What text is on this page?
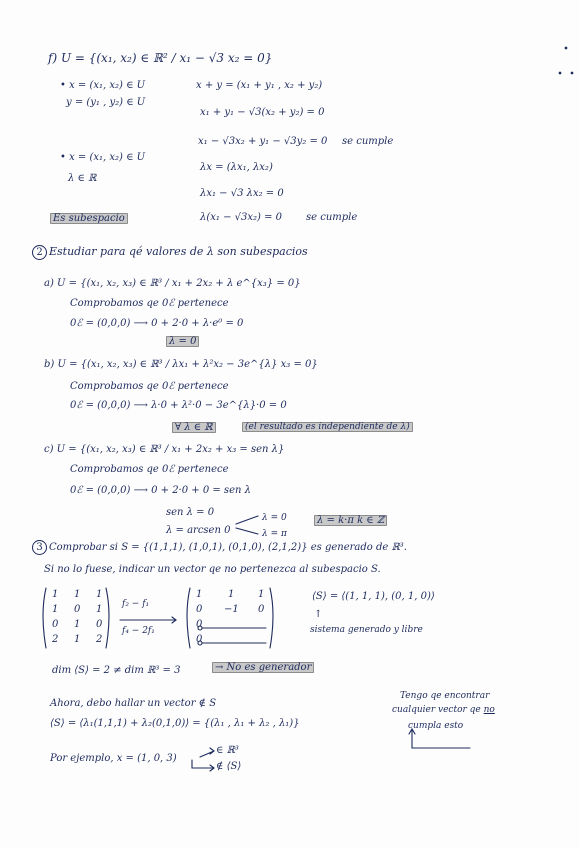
f) U = {(x₁, x₂) ∈ ℝ² / x₁ − √3 x₂ = 0}
• x = (x₁, x₂) ∈ U
y = (y₁ , y₂) ∈ U
x + y = (x₁ + y₁ , x₂ + y₂)
x₁ + y₁ − √3(x₂ + y₂) = 0
x₁ − √3x₂ + y₁ − √3y₂ = 0 se cumple
• x = (x₁, x₂) ∈ U
λ ∈ ℝ
λx = (λx₁, λx₂)
λx₁ − √3 λx₂ = 0
λ(x₁ − √3x₂) = 0 se cumple
Es subespacio
2 Estudiar para qé valores de λ son subespacios
a) U = {(x₁, x₂, x₃) ∈ ℝ³ / x₁ + 2x₂ + λ e^{x₃} = 0}
Comprobamos qe 0ℰ pertenece
0ℰ = (0,0,0) ⟶ 0 + 2·0 + λ·e⁰ = 0
λ = 0
b) U = {(x₁, x₂, x₃) ∈ ℝ³ / λx₁ + λ²x₂ − 3e^{λ} x₃ = 0}
Comprobamos qe 0ℰ pertenece
0ℰ = (0,0,0) ⟶ λ·0 + λ²·0 − 3e^{λ}·0 = 0
∀ λ ∈ ℝ	(el resultado es independiente de λ)
c) U = {(x₁, x₂, x₃) ∈ ℝ³ / x₁ + 2x₂ + x₃ = sen λ}
Comprobamos qe 0ℰ pertenece
0ℰ = (0,0,0) ⟶ 0 + 2·0 + 0 = sen λ
sen λ = 0
λ = arcsen 0
λ = 0
λ = π
λ = k·π k ∈ ℤ
3 Comprobar si S = {(1,1,1), (1,0,1), (0,1,0), (2,1,2)} es generado de ℝ³.
Si no lo fuese, indicar un vector qe no pertenezca al subespacio S.
1 1 1
1 0 1
0 1 0
2 1 2
f₂ − f₁
f₄ − 2f₁
1	1 1
0 −1 0
0
0
⟨S⟩ = ⟨(1, 1, 1), (0, 1, 0)⟩
↑
sistema generado y libre
dim ⟨S⟩ = 2 ≠ dim ℝ³ = 3	→ No es generador
Ahora, debo hallar un vector ∉ S
⟨S⟩ = ⟨λ₁(1,1,1) + λ₂(0,1,0)⟩ = {(λ₁ , λ₁ + λ₂ , λ₁)}
Tengo qe encontrar
cualquier vector qe no
cumpla esto
Por ejemplo, x = (1, 0, 3)
∈ ℝ³
∉ ⟨S⟩
